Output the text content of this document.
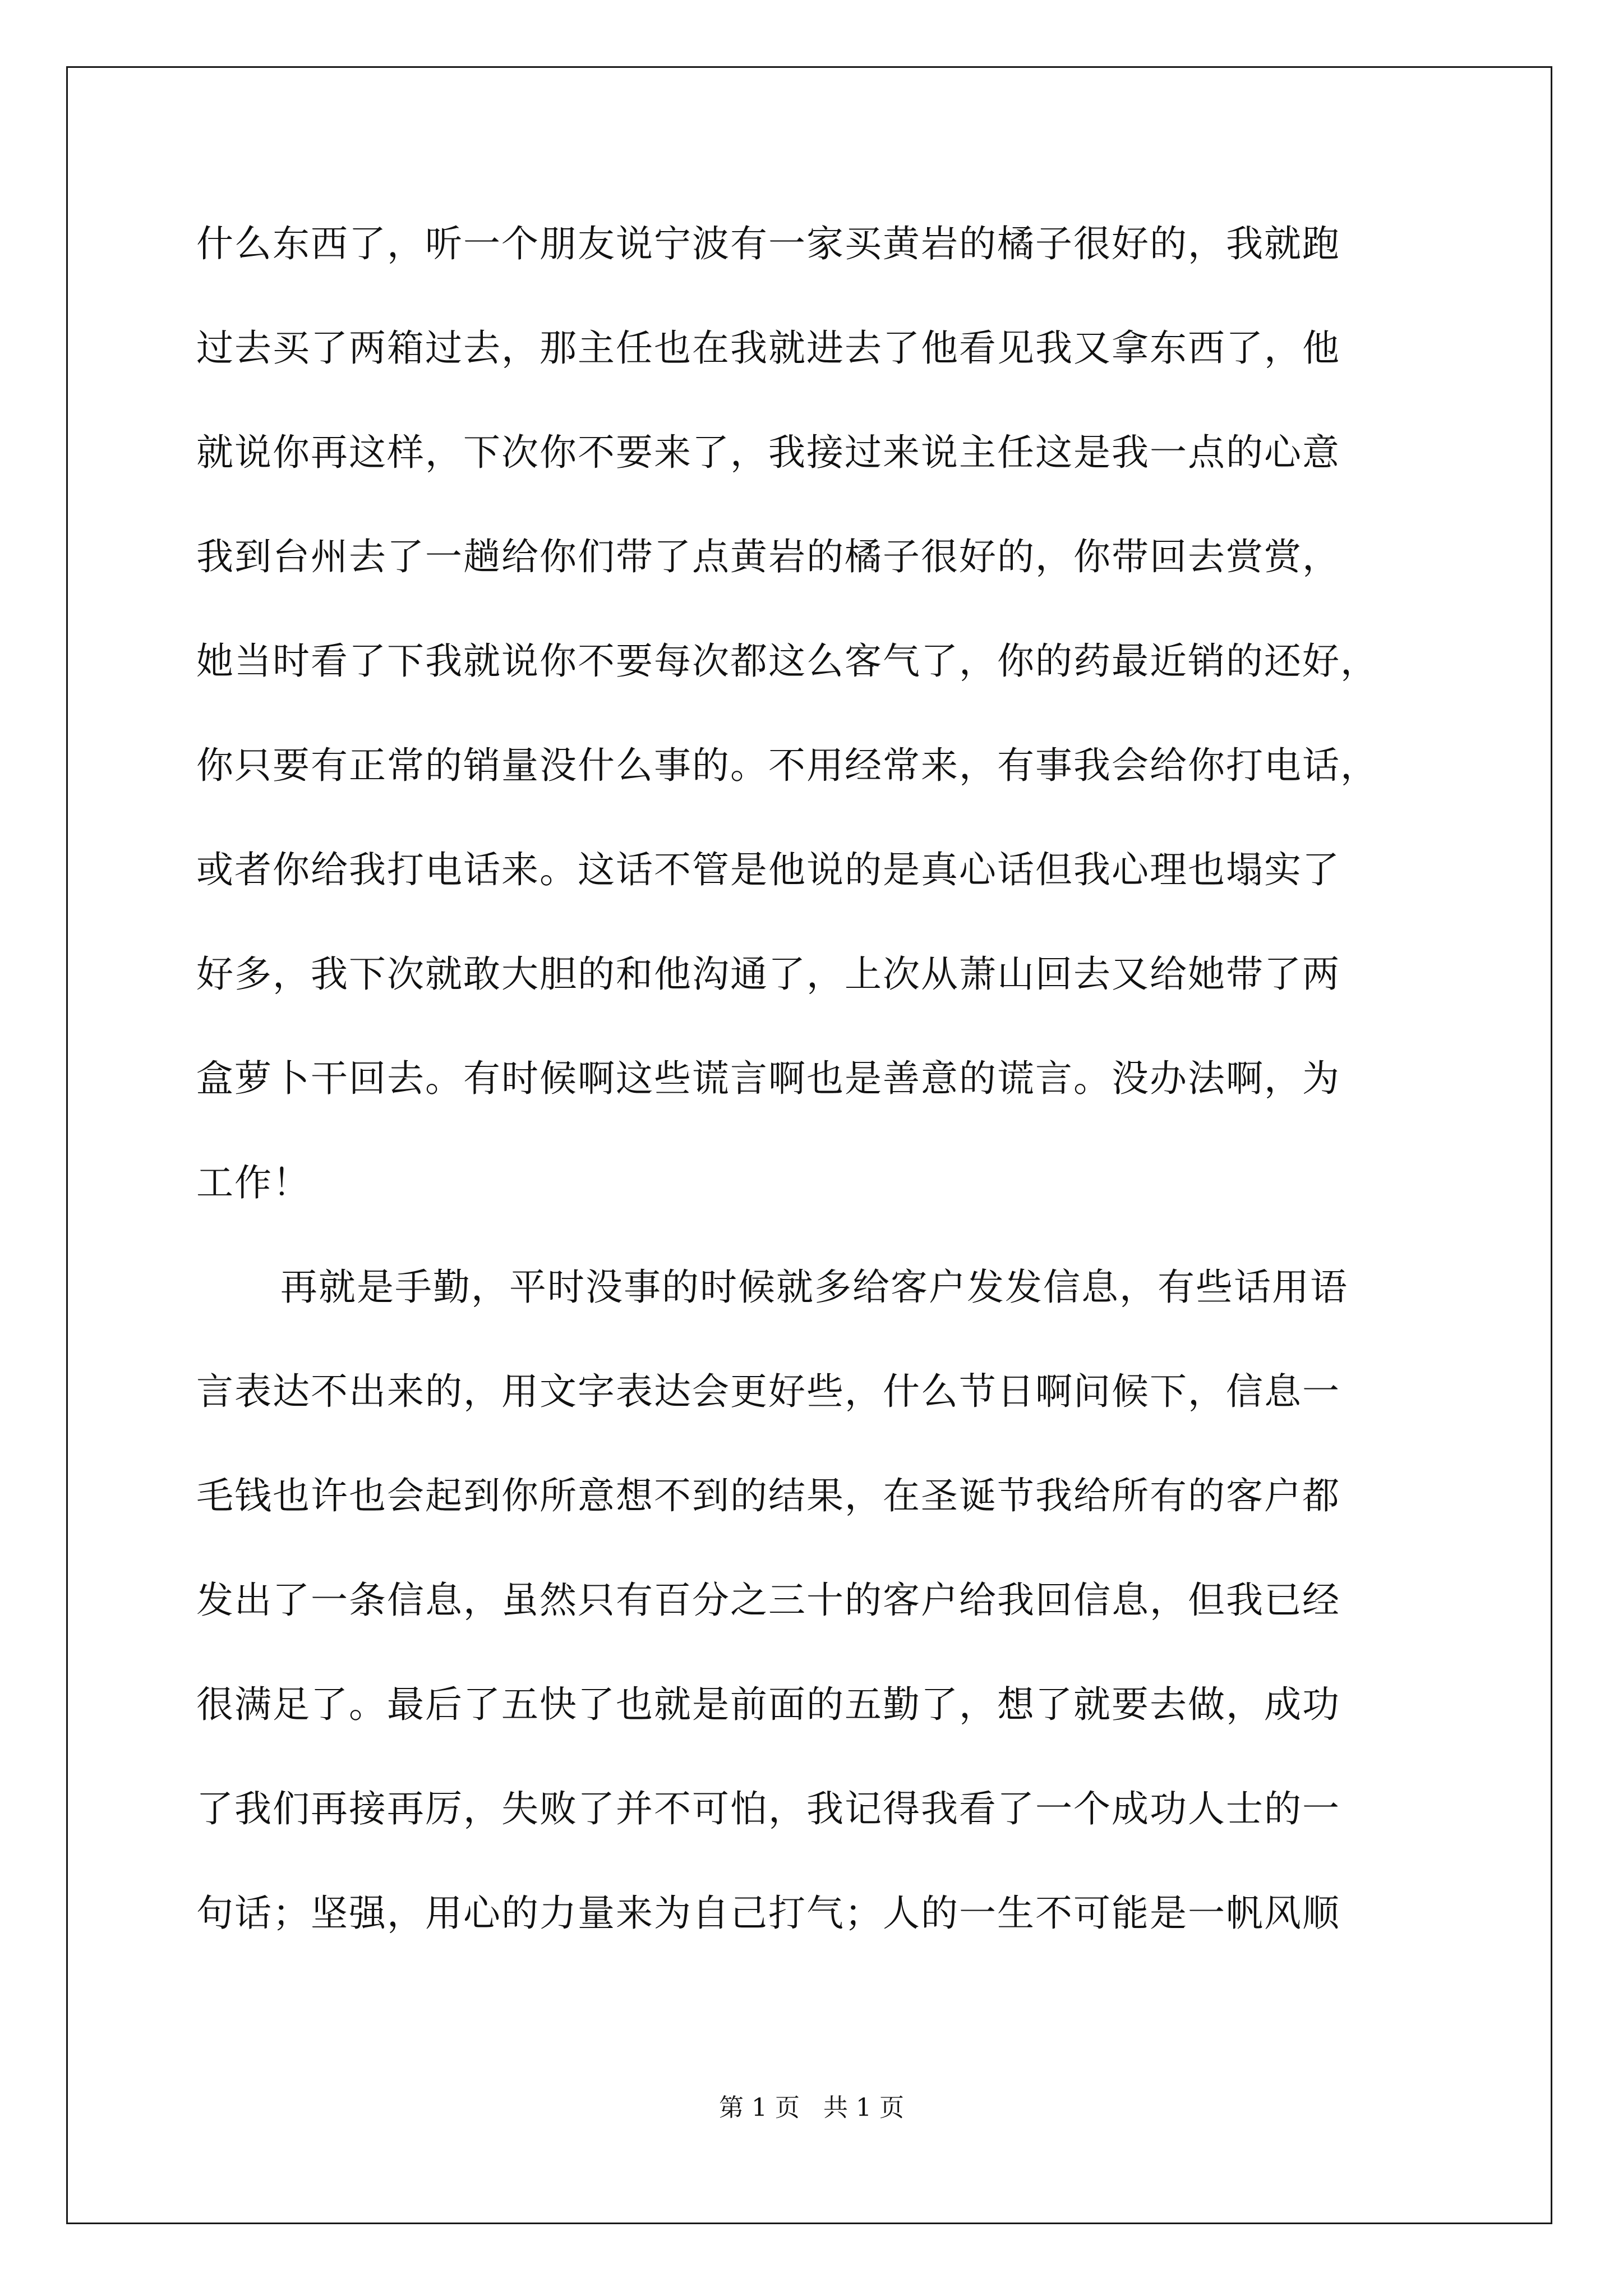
什么东西了，听一个朋友说宁波有一家买黄岩的橘子很好的，我就跑
过去买了两箱过去，那主任也在我就进去了他看见我又拿东西了，他
就说你再这样，下次你不要来了，我接过来说主任这是我一点的心意
我到台州去了一趟给你们带了点黄岩的橘子很好的，你带回去赏赏，
她当时看了下我就说你不要每次都这么客气了，你的药最近销的还好，
你只要有正常的销量没什么事的。不用经常来，有事我会给你打电话，
或者你给我打电话来。这话不管是他说的是真心话但我心理也塌实了
好多，我下次就敢大胆的和他沟通了，上次从萧山回去又给她带了两
盒萝卜干回去。有时候啊这些谎言啊也是善意的谎言。没办法啊，为
工作！
再就是手勤，平时没事的时候就多给客户发发信息，有些话用语
言表达不出来的，用文字表达会更好些，什么节日啊问候下，信息一
毛钱也许也会起到你所意想不到的结果，在圣诞节我给所有的客户都
发出了一条信息，虽然只有百分之三十的客户给我回信息，但我已经
很满足了。最后了五快了也就是前面的五勤了，想了就要去做，成功
了我们再接再厉，失败了并不可怕，我记得我看了一个成功人士的一
句话；坚强，用心的力量来为自己打气；人的一生不可能是一帆风顺
第 1 页   共 1 页
